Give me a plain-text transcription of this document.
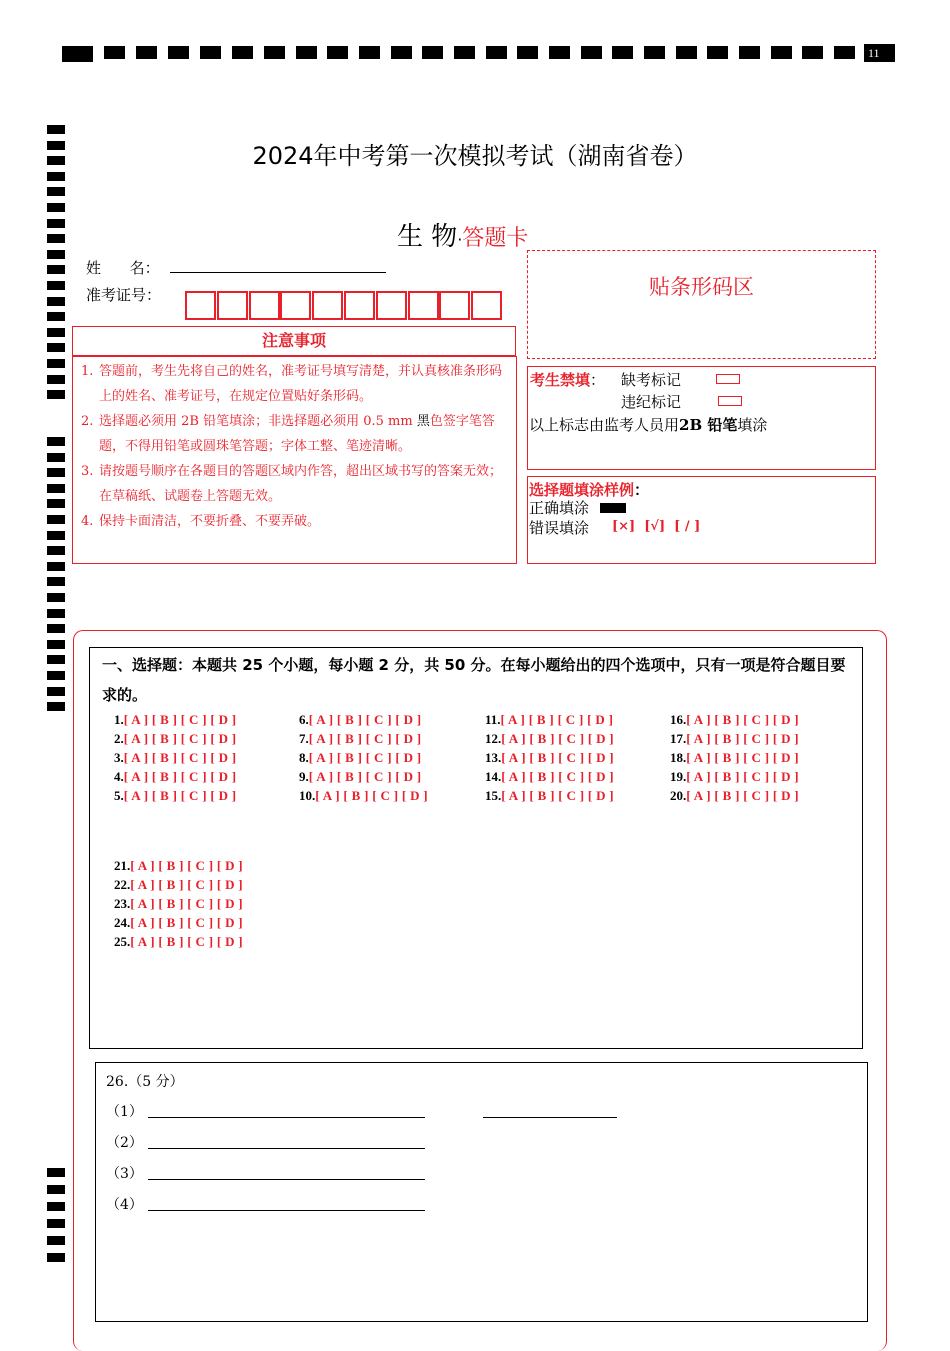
11
2024年中考第一次模拟考试（湖南省卷）
生 物·答题卡
姓      名：
准考证号：	贴条形码区
注意事项
1. 答题前，考生先将自己的姓名，准考证号填写清楚，并认真核准条形码上的姓名、准考证号，在规定位置贴好条形码。
2. 选择题必须用 2B 铅笔填涂；非选择题必须用 0.5 mm 黑色签字笔答题，不得用铅笔或圆珠笔答题；字体工整、笔迹清晰。
3. 请按题号顺序在各题目的答题区域内作答，超出区域书写的答案无效；在草稿纸、试题卷上答题无效。
4. 保持卡面清洁，不要折叠、不要弄破。
考生禁填： 缺考标记
违纪标记
以上标志由监考人员用2B 铅笔填涂
选择题填涂样例：
正确填涂
错误填涂 [×]  [√]  [ / ]
一、选择题：本题共 25 个小题，每小题 2 分，共 50 分。在每小题给出的四个选项中，只有一项是符合题目要求的。
1.[ A ] [ B ] [ C ] [ D ]
2.[ A ] [ B ] [ C ] [ D ]
3.[ A ] [ B ] [ C ] [ D ]
4.[ A ] [ B ] [ C ] [ D ]
5.[ A ] [ B ] [ C ] [ D ]
6.[ A ] [ B ] [ C ] [ D ]
7.[ A ] [ B ] [ C ] [ D ]
8.[ A ] [ B ] [ C ] [ D ]
9.[ A ] [ B ] [ C ] [ D ]
10.[ A ] [ B ] [ C ] [ D ]
11.[ A ] [ B ] [ C ] [ D ]
12.[ A ] [ B ] [ C ] [ D ]
13.[ A ] [ B ] [ C ] [ D ]
14.[ A ] [ B ] [ C ] [ D ]
15.[ A ] [ B ] [ C ] [ D ]
16.[ A ] [ B ] [ C ] [ D ]
17.[ A ] [ B ] [ C ] [ D ]
18.[ A ] [ B ] [ C ] [ D ]
19.[ A ] [ B ] [ C ] [ D ]
20.[ A ] [ B ] [ C ] [ D ]
21.[ A ] [ B ] [ C ] [ D ]
22.[ A ] [ B ] [ C ] [ D ]
23.[ A ] [ B ] [ C ] [ D ]
24.[ A ] [ B ] [ C ] [ D ]
25.[ A ] [ B ] [ C ] [ D ]
26.（5 分）
（1）
（2）
（3）
（4）
